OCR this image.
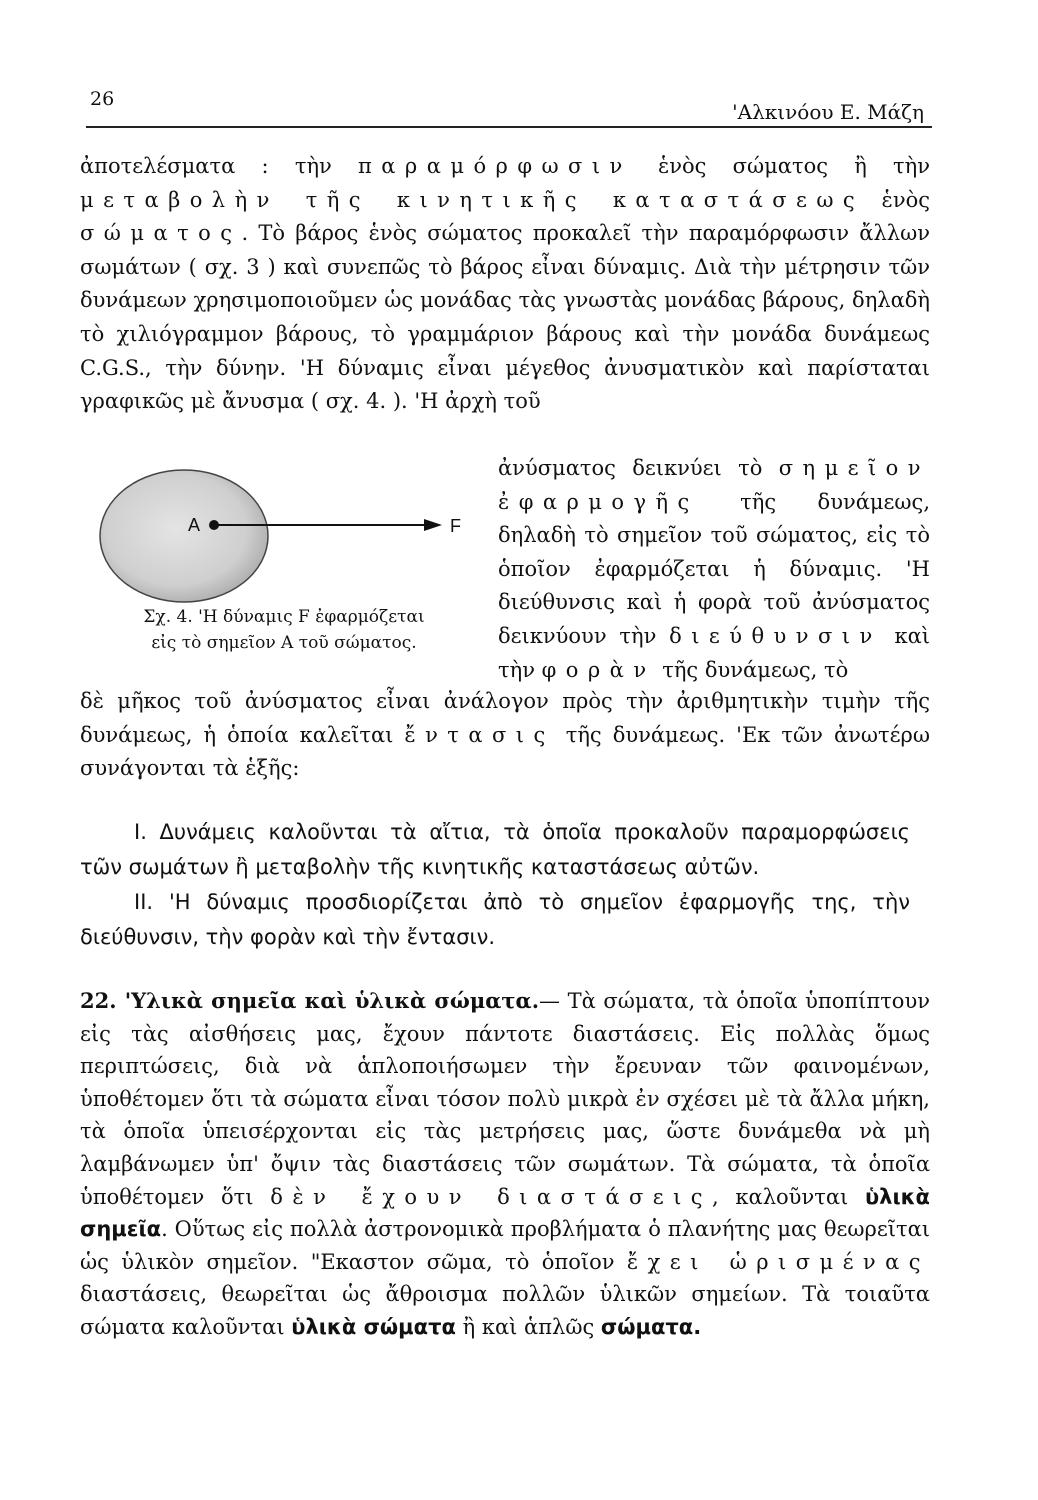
26
'Αλκινόου Ε. Μάζη
ἀποτελέσματα : τὴν παραμόρφωσιν ἑνὸς σώματος ἢ τὴν μεταβολὴν τῆς κινητικῆς καταστάσεως ἑνὸς σώματος. Τὸ βάρος ἑνὸς σώματος προκαλεῖ τὴν παραμόρφωσιν ἄλλων σωμάτων ( σχ. 3 ) καὶ συνεπῶς τὸ βάρος εἶναι δύναμις. Διὰ τὴν μέτρησιν τῶν δυνάμεων χρησιμοποιοῦμεν ὡς μονάδας τὰς γνωστὰς μονάδας βάρους, δηλαδὴ τὸ χιλιόγραμμον βάρους, τὸ γραμμάριον βάρους καὶ τὴν μονάδα δυνάμεως C.G.S., τὴν δύνην. 'Η δύναμις εἶναι μέγεθος ἀνυσματικὸν καὶ παρίσταται γραφικῶς μὲ ἄνυσμα ( σχ. 4. ). 'Η ἀρχὴ τοῦ
A	F
Σχ. 4. 'Η δύναμις F ἐφαρμόζεται
εἰς τὸ σημεῖον Α τοῦ σώματος.
ἀνύσματος δεικνύει τὸ σημεῖον ἐφαρμογῆς τῆς δυνάμεως, δηλαδὴ τὸ σημεῖον τοῦ σώματος, εἰς τὸ ὁποῖον ἐφαρμόζεται ἡ δύναμις. 'Η διεύθυνσις καὶ ἡ φορὰ τοῦ ἀνύσματος δεικνύουν τὴν διεύθυνσιν καὶ τὴν φορὰν τῆς δυνάμεως, τὸ
δὲ μῆκος τοῦ ἀνύσματος εἶναι ἀνάλογον πρὸς τὴν ἀριθμητικὴν τιμὴν τῆς δυνάμεως, ἡ ὁποία καλεῖται ἔντασις τῆς δυνάμεως. 'Εκ τῶν ἀνωτέρω συνάγονται τὰ ἑξῆς:

I. Δυνάμεις καλοῦνται τὰ αἴτια, τὰ ὁποῖα προκαλοῦν παραμορφώσεις τῶν σωμάτων ἢ μεταβολὴν τῆς κινητικῆς καταστάσεως αὐτῶν.

II. 'Η δύναμις προσδιορίζεται ἀπὸ τὸ σημεῖον ἐφαρμογῆς της, τὴν διεύθυνσιν, τὴν φορὰν καὶ τὴν ἔντασιν.

22. 'Υλικὰ σημεῖα καὶ ὑλικὰ σώματα.— Τὰ σώματα, τὰ ὁποῖα ὑποπίπτουν εἰς τὰς αἰσθήσεις μας, ἔχουν πάντοτε διαστάσεις. Εἰς πολλὰς ὅμως περιπτώσεις, διὰ νὰ ἁπλοποιήσωμεν τὴν ἔρευναν τῶν φαινομένων, ὑποθέτομεν ὅτι τὰ σώματα εἶναι τόσον πολὺ μικρὰ ἐν σχέσει μὲ τὰ ἄλλα μήκη, τὰ ὁποῖα ὑπεισέρχονται εἰς τὰς μετρήσεις μας, ὥστε δυνάμεθα νὰ μὴ λαμβάνωμεν ὑπ' ὄψιν τὰς διαστάσεις τῶν σωμάτων. Τὰ σώματα, τὰ ὁποῖα ὑποθέτομεν ὅτι δὲν ἔχουν διαστάσεις, καλοῦνται ὑλικὰ σημεῖα. Οὕτως εἰς πολλὰ ἀστρονομικὰ προβλήματα ὁ πλανήτης μας θεωρεῖται ὡς ὑλικὸν σημεῖον. "Εκαστον σῶμα, τὸ ὁποῖον ἔχει ὡρισμένας διαστάσεις, θεωρεῖται ὡς ἄθροισμα πολλῶν ὑλικῶν σημείων. Τὰ τοιαῦτα σώματα καλοῦνται ὑλικὰ σώματα ἢ καὶ ἁπλῶς σώματα.
